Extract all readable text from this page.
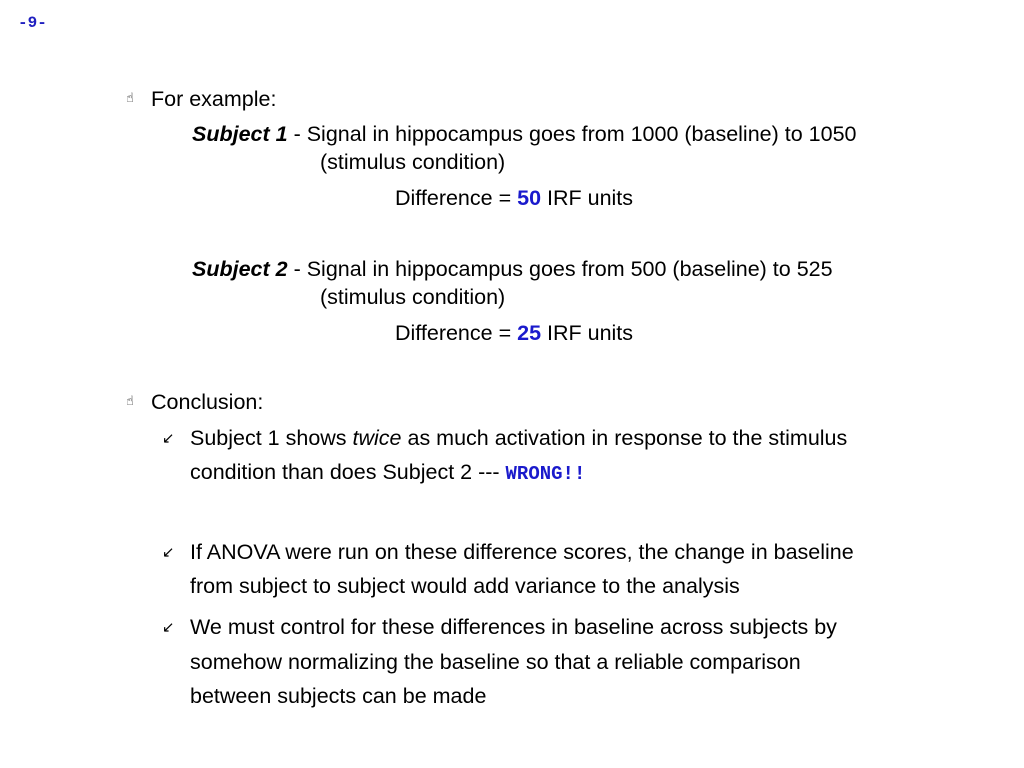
-9-
☝ For example:
Subject 1 - Signal in hippocampus goes from 1000 (baseline) to 1050
(stimulus condition)
Difference = 50 IRF units
Subject 2 - Signal in hippocampus goes from 500 (baseline) to 525
(stimulus condition)
Difference = 25 IRF units
☝ Conclusion:
↙ Subject 1 shows twice as much activation in response to the stimulus
condition than does Subject 2 --- WRONG!!
↙ If ANOVA were run on these difference scores, the change in baseline
from subject to subject would add variance to the analysis
↙ We must control for these differences in baseline across subjects by
somehow normalizing the baseline so that a reliable comparison
between subjects can be made
